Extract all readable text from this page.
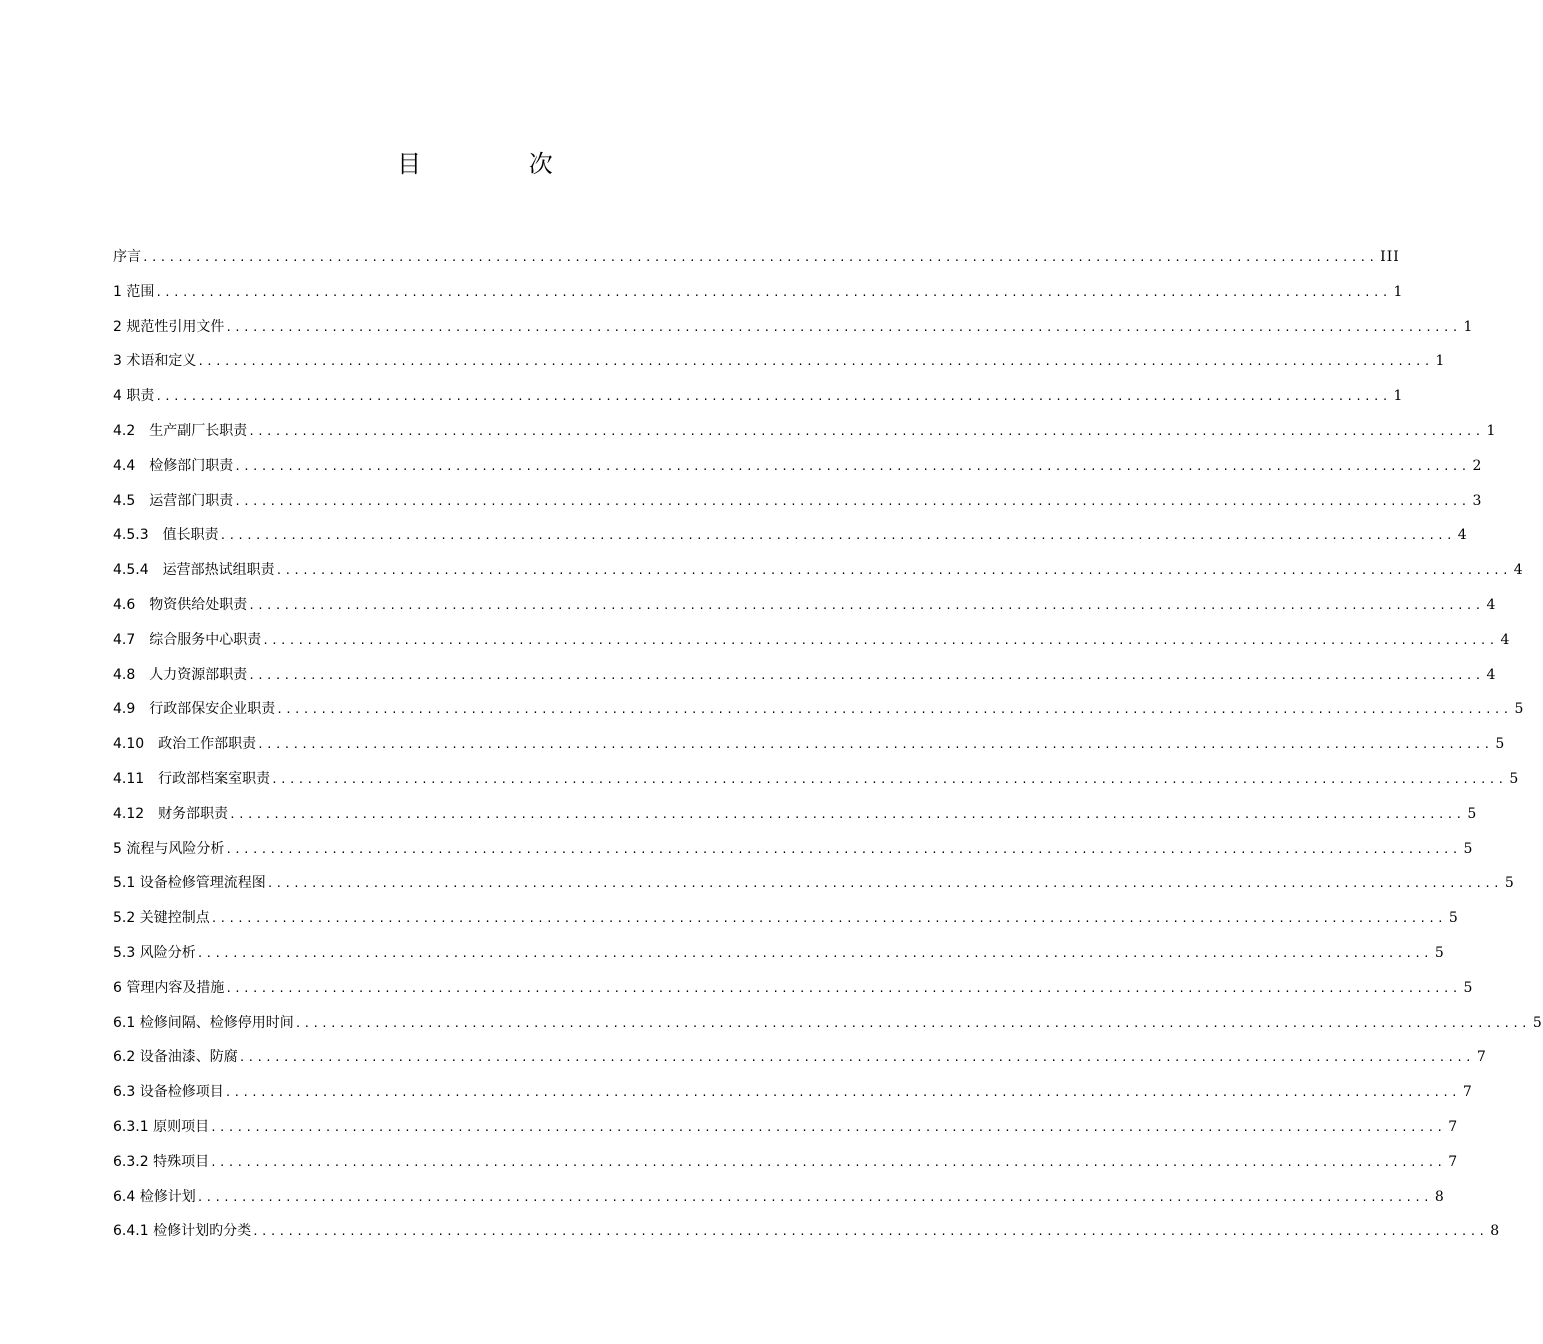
目 次
序言 ............................................................................................................................................ III
1 范围 ............................................................................................................................................ 1
2 规范性引用文件 ............................................................................................................................................ 1
3 术语和定义 ............................................................................................................................................ 1
4 职责 ............................................................................................................................................ 1
4.2　生产副厂长职责 ............................................................................................................................................ 1
4.4　检修部门职责 ............................................................................................................................................ 2
4.5　运营部门职责 ............................................................................................................................................ 3
4.5.3　值长职责 ............................................................................................................................................ 4
4.5.4　运营部热试组职责 ............................................................................................................................................ 4
4.6　物资供给处职责 ............................................................................................................................................ 4
4.7　综合服务中心职责 ............................................................................................................................................ 4
4.8　人力资源部职责 ............................................................................................................................................ 4
4.9　行政部保安企业职责 ............................................................................................................................................ 5
4.10　政治工作部职责 ............................................................................................................................................ 5
4.11　行政部档案室职责 ............................................................................................................................................ 5
4.12　财务部职责 ............................................................................................................................................ 5
5 流程与风险分析 ............................................................................................................................................ 5
5.1 设备检修管理流程图 ............................................................................................................................................ 5
5.2 关键控制点 ............................................................................................................................................ 5
5.3 风险分析 ............................................................................................................................................ 5
6 管理内容及措施 ............................................................................................................................................ 5
6.1 检修间隔、检修停用时间 ............................................................................................................................................ 5
6.2 设备油漆、防腐 ............................................................................................................................................ 7
6.3 设备检修项目 ............................................................................................................................................ 7
6.3.1 原则项目 ............................................................................................................................................ 7
6.3.2 特殊项目 ............................................................................................................................................ 7
6.4 检修计划 ............................................................................................................................................ 8
6.4.1 检修计划旳分类 ............................................................................................................................................ 8
